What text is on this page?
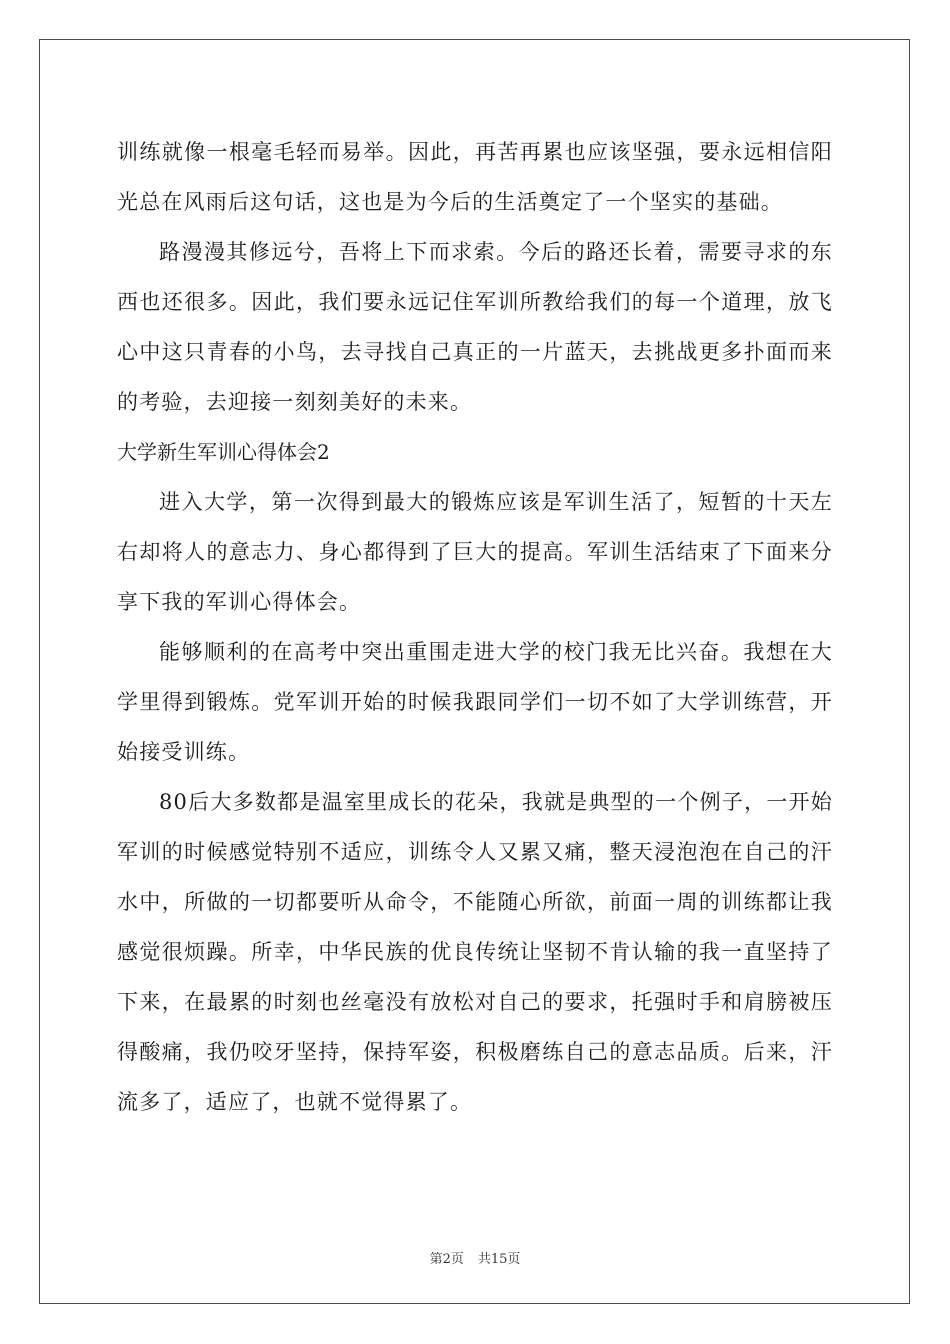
训练就像一根毫毛轻而易举。因此，再苦再累也应该坚强，要永远相信阳光总在风雨后这句话，这也是为今后的生活奠定了一个坚实的基础。

路漫漫其修远兮，吾将上下而求索。今后的路还长着，需要寻求的东西也还很多。因此，我们要永远记住军训所教给我们的每一个道理，放飞心中这只青春的小鸟，去寻找自己真正的一片蓝天，去挑战更多扑面而来的考验，去迎接一刻刻美好的未来。

大学新生军训心得体会2

进入大学，第一次得到最大的锻炼应该是军训生活了，短暂的十天左右却将人的意志力、身心都得到了巨大的提高。军训生活结束了下面来分享下我的军训心得体会。

能够顺利的在高考中突出重围走进大学的校门我无比兴奋。我想在大学里得到锻炼。党军训开始的时候我跟同学们一切不如了大学训练营，开始接受训练。

80后大多数都是温室里成长的花朵，我就是典型的一个例子，一开始军训的时候感觉特别不适应，训练令人又累又痛，整天浸泡泡在自己的汗水中，所做的一切都要听从命令，不能随心所欲，前面一周的训练都让我感觉很烦躁。所幸，中华民族的优良传统让坚韧不肯认输的我一直坚持了下来，在最累的时刻也丝毫没有放松对自己的要求，托强时手和肩膀被压得酸痛，我仍咬牙坚持，保持军姿，积极磨练自己的意志品质。后来，汗流多了，适应了，也就不觉得累了。

第2页 共15页
